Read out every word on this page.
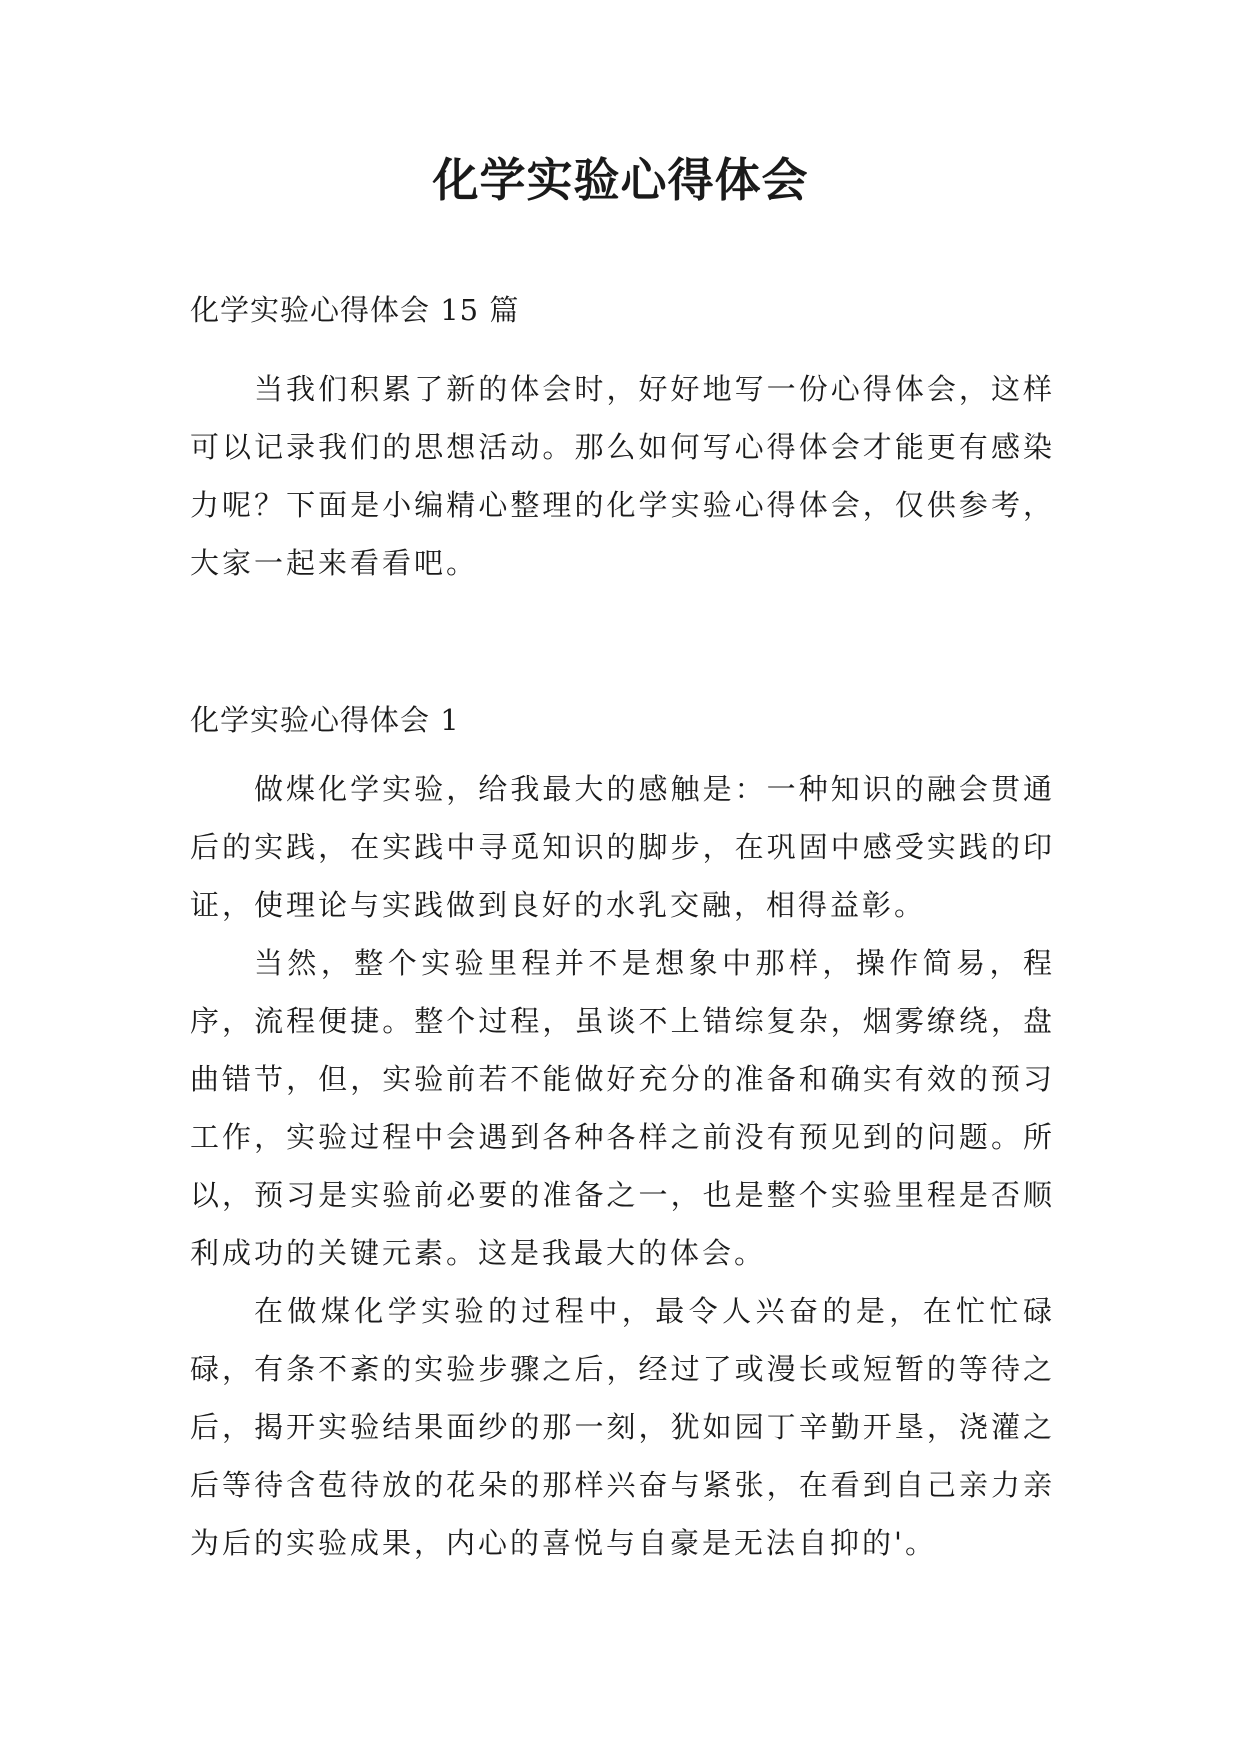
化学实验心得体会

化学实验心得体会 15 篇

当我们积累了新的体会时，好好地写一份心得体会，这样可以记录我们的思想活动。那么如何写心得体会才能更有感染力呢？下面是小编精心整理的化学实验心得体会，仅供参考，大家一起来看看吧。

化学实验心得体会 1

做煤化学实验，给我最大的感触是：一种知识的融会贯通后的实践，在实践中寻觅知识的脚步，在巩固中感受实践的印证，使理论与实践做到良好的水乳交融，相得益彰。

当然，整个实验里程并不是想象中那样，操作简易，程序，流程便捷。整个过程，虽谈不上错综复杂，烟雾缭绕，盘曲错节，但，实验前若不能做好充分的准备和确实有效的预习工作，实验过程中会遇到各种各样之前没有预见到的问题。所以，预习是实验前必要的准备之一，也是整个实验里程是否顺利成功的关键元素。这是我最大的体会。

在做煤化学实验的过程中，最令人兴奋的是，在忙忙碌碌，有条不紊的实验步骤之后，经过了或漫长或短暂的等待之后，揭开实验结果面纱的那一刻，犹如园丁辛勤开垦，浇灌之后等待含苞待放的花朵的那样兴奋与紧张，在看到自己亲力亲为后的实验成果，内心的喜悦与自豪是无法自抑的'。
